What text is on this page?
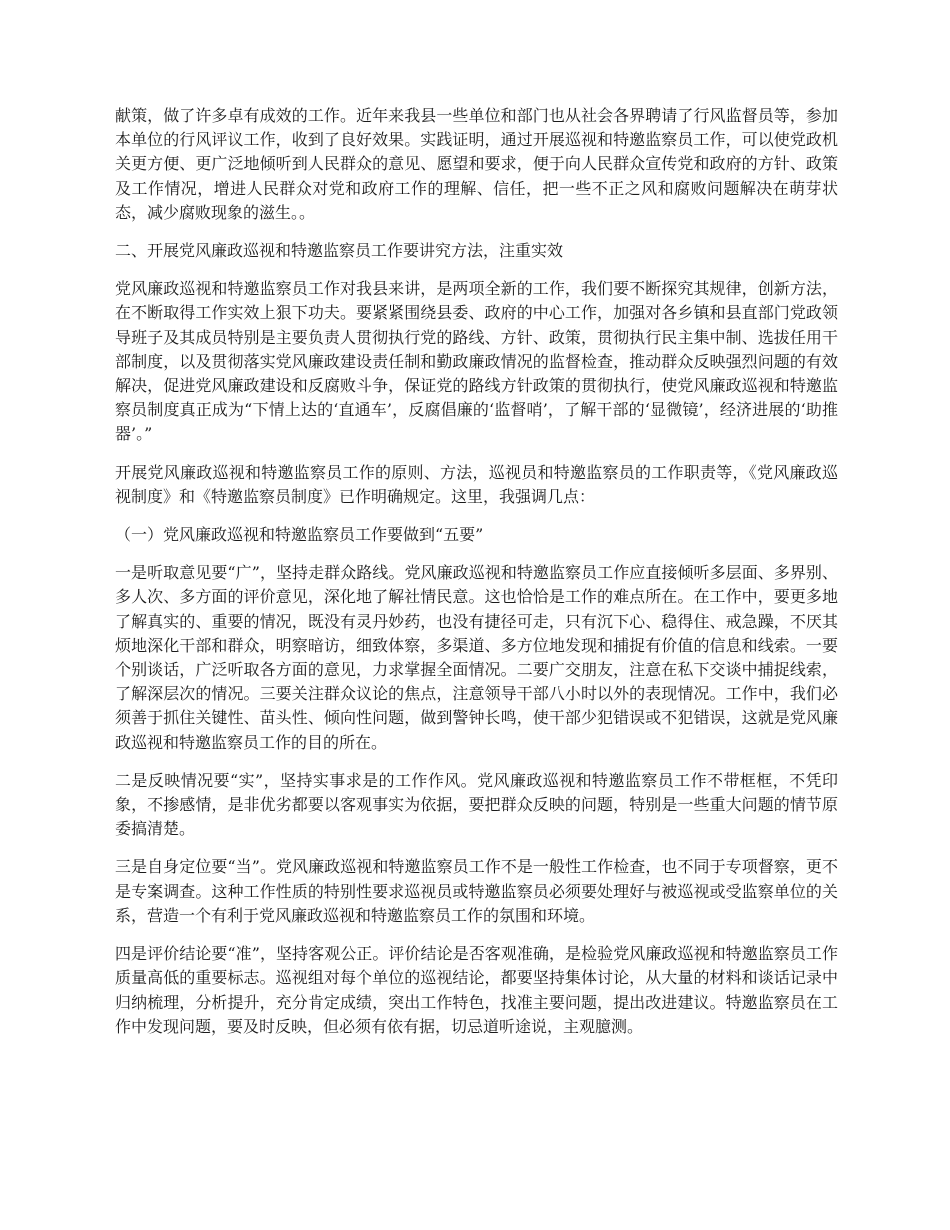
献策，做了许多卓有成效的工作。近年来我县一些单位和部门也从社会各界聘请了行风监督员等，参加本单位的行风评议工作，收到了良好效果。实践证明，通过开展巡视和特邀监察员工作，可以使党政机关更方便、更广泛地倾听到人民群众的意见、愿望和要求，便于向人民群众宣传党和政府的方针、政策及工作情况，增进人民群众对党和政府工作的理解、信任，把一些不正之风和腐败问题解决在萌芽状态，减少腐败现象的滋生。。

二、开展党风廉政巡视和特邀监察员工作要讲究方法，注重实效

党风廉政巡视和特邀监察员工作对我县来讲，是两项全新的工作，我们要不断探究其规律，创新方法，在不断取得工作实效上狠下功夫。要紧紧围绕县委、政府的中心工作，加强对各乡镇和县直部门党政领导班子及其成员特别是主要负责人贯彻执行党的路线、方针、政策，贯彻执行民主集中制、选拔任用干部制度，以及贯彻落实党风廉政建设责任制和勤政廉政情况的监督检查，推动群众反映强烈问题的有效解决，促进党风廉政建设和反腐败斗争，保证党的路线方针政策的贯彻执行，使党风廉政巡视和特邀监察员制度真正成为“下情上达的‘直通车’，反腐倡廉的‘监督哨’，了解干部的‘显微镜’，经济进展的‘助推器’。”

开展党风廉政巡视和特邀监察员工作的原则、方法，巡视员和特邀监察员的工作职责等，《党风廉政巡视制度》和《特邀监察员制度》已作明确规定。这里，我强调几点：

（一）党风廉政巡视和特邀监察员工作要做到“五要”

一是听取意见要“广”，坚持走群众路线。党风廉政巡视和特邀监察员工作应直接倾听多层面、多界别、多人次、多方面的评价意见，深化地了解社情民意。这也恰恰是工作的难点所在。在工作中，要更多地了解真实的、重要的情况，既没有灵丹妙药，也没有捷径可走，只有沉下心、稳得住、戒急躁，不厌其烦地深化干部和群众，明察暗访，细致体察，多渠道、多方位地发现和捕捉有价值的信息和线索。一要个别谈话，广泛听取各方面的意见，力求掌握全面情况。二要广交朋友，注意在私下交谈中捕捉线索，了解深层次的情况。三要关注群众议论的焦点，注意领导干部八小时以外的表现情况。工作中，我们必须善于抓住关键性、苗头性、倾向性问题，做到警钟长鸣，使干部少犯错误或不犯错误，这就是党风廉政巡视和特邀监察员工作的目的所在。

二是反映情况要“实”，坚持实事求是的工作作风。党风廉政巡视和特邀监察员工作不带框框，不凭印象，不掺感情，是非优劣都要以客观事实为依据，要把群众反映的问题，特别是一些重大问题的情节原委搞清楚。

三是自身定位要“当”。党风廉政巡视和特邀监察员工作不是一般性工作检查，也不同于专项督察，更不是专案调查。这种工作性质的特别性要求巡视员或特邀监察员必须要处理好与被巡视或受监察单位的关系，营造一个有利于党风廉政巡视和特邀监察员工作的氛围和环境。

四是评价结论要“准”，坚持客观公正。评价结论是否客观准确，是检验党风廉政巡视和特邀监察员工作质量高低的重要标志。巡视组对每个单位的巡视结论，都要坚持集体讨论，从大量的材料和谈话记录中归纳梳理，分析提升，充分肯定成绩，突出工作特色，找准主要问题，提出改进建议。特邀监察员在工作中发现问题，要及时反映，但必须有依有据，切忌道听途说，主观臆测。
